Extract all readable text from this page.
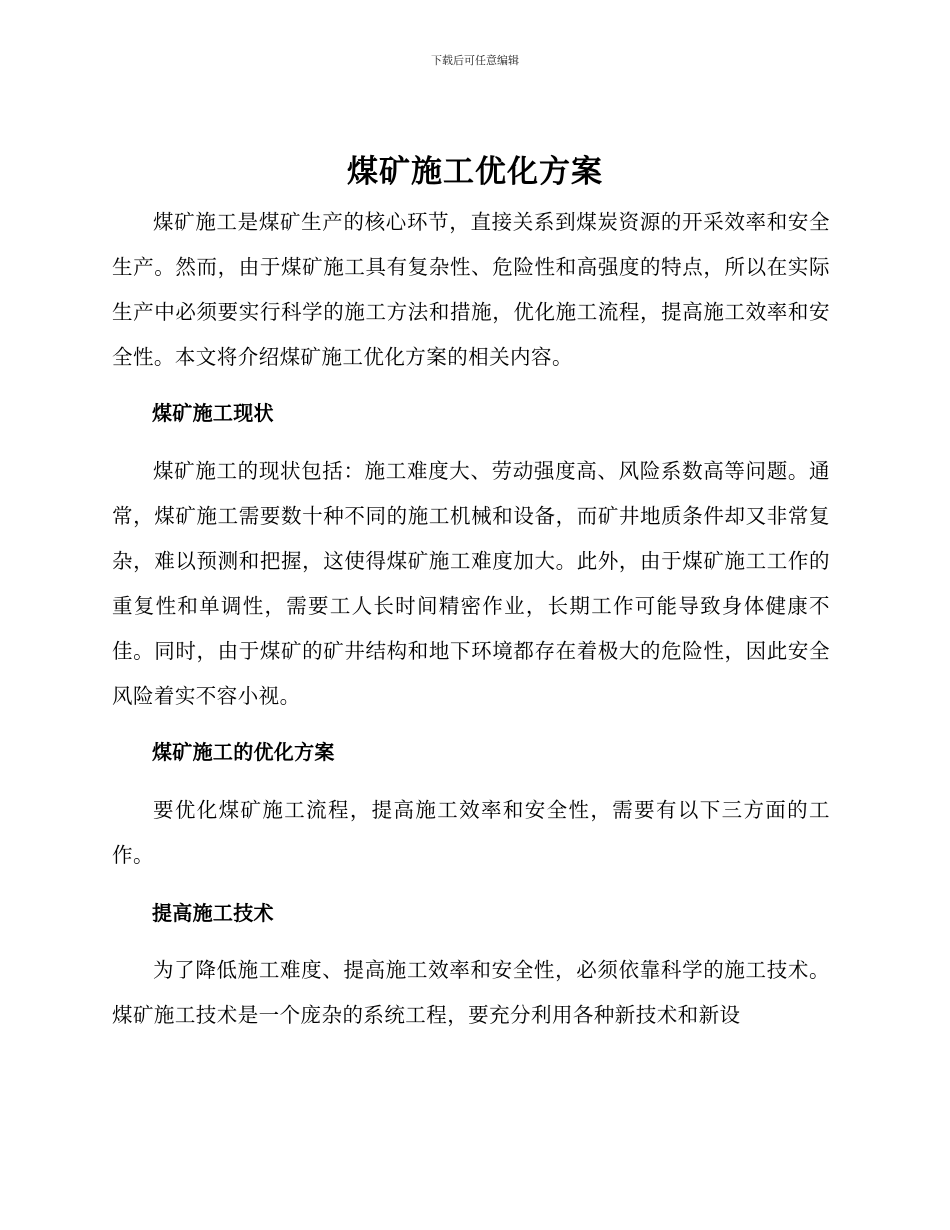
下载后可任意编辑
煤矿施工优化方案

煤矿施工是煤矿生产的核心环节，直接关系到煤炭资源的开采效率和安全生产。然而，由于煤矿施工具有复杂性、危险性和高强度的特点，所以在实际生产中必须要实行科学的施工方法和措施，优化施工流程，提高施工效率和安全性。本文将介绍煤矿施工优化方案的相关内容。

煤矿施工现状

煤矿施工的现状包括：施工难度大、劳动强度高、风险系数高等问题。通常，煤矿施工需要数十种不同的施工机械和设备，而矿井地质条件却又非常复杂，难以预测和把握，这使得煤矿施工难度加大。此外，由于煤矿施工工作的重复性和单调性，需要工人长时间精密作业，长期工作可能导致身体健康不佳。同时，由于煤矿的矿井结构和地下环境都存在着极大的危险性，因此安全风险着实不容小视。

煤矿施工的优化方案

要优化煤矿施工流程，提高施工效率和安全性，需要有以下三方面的工作。

提高施工技术

为了降低施工难度、提高施工效率和安全性，必须依靠科学的施工技术。煤矿施工技术是一个庞杂的系统工程，要充分利用各种新技术和新设
